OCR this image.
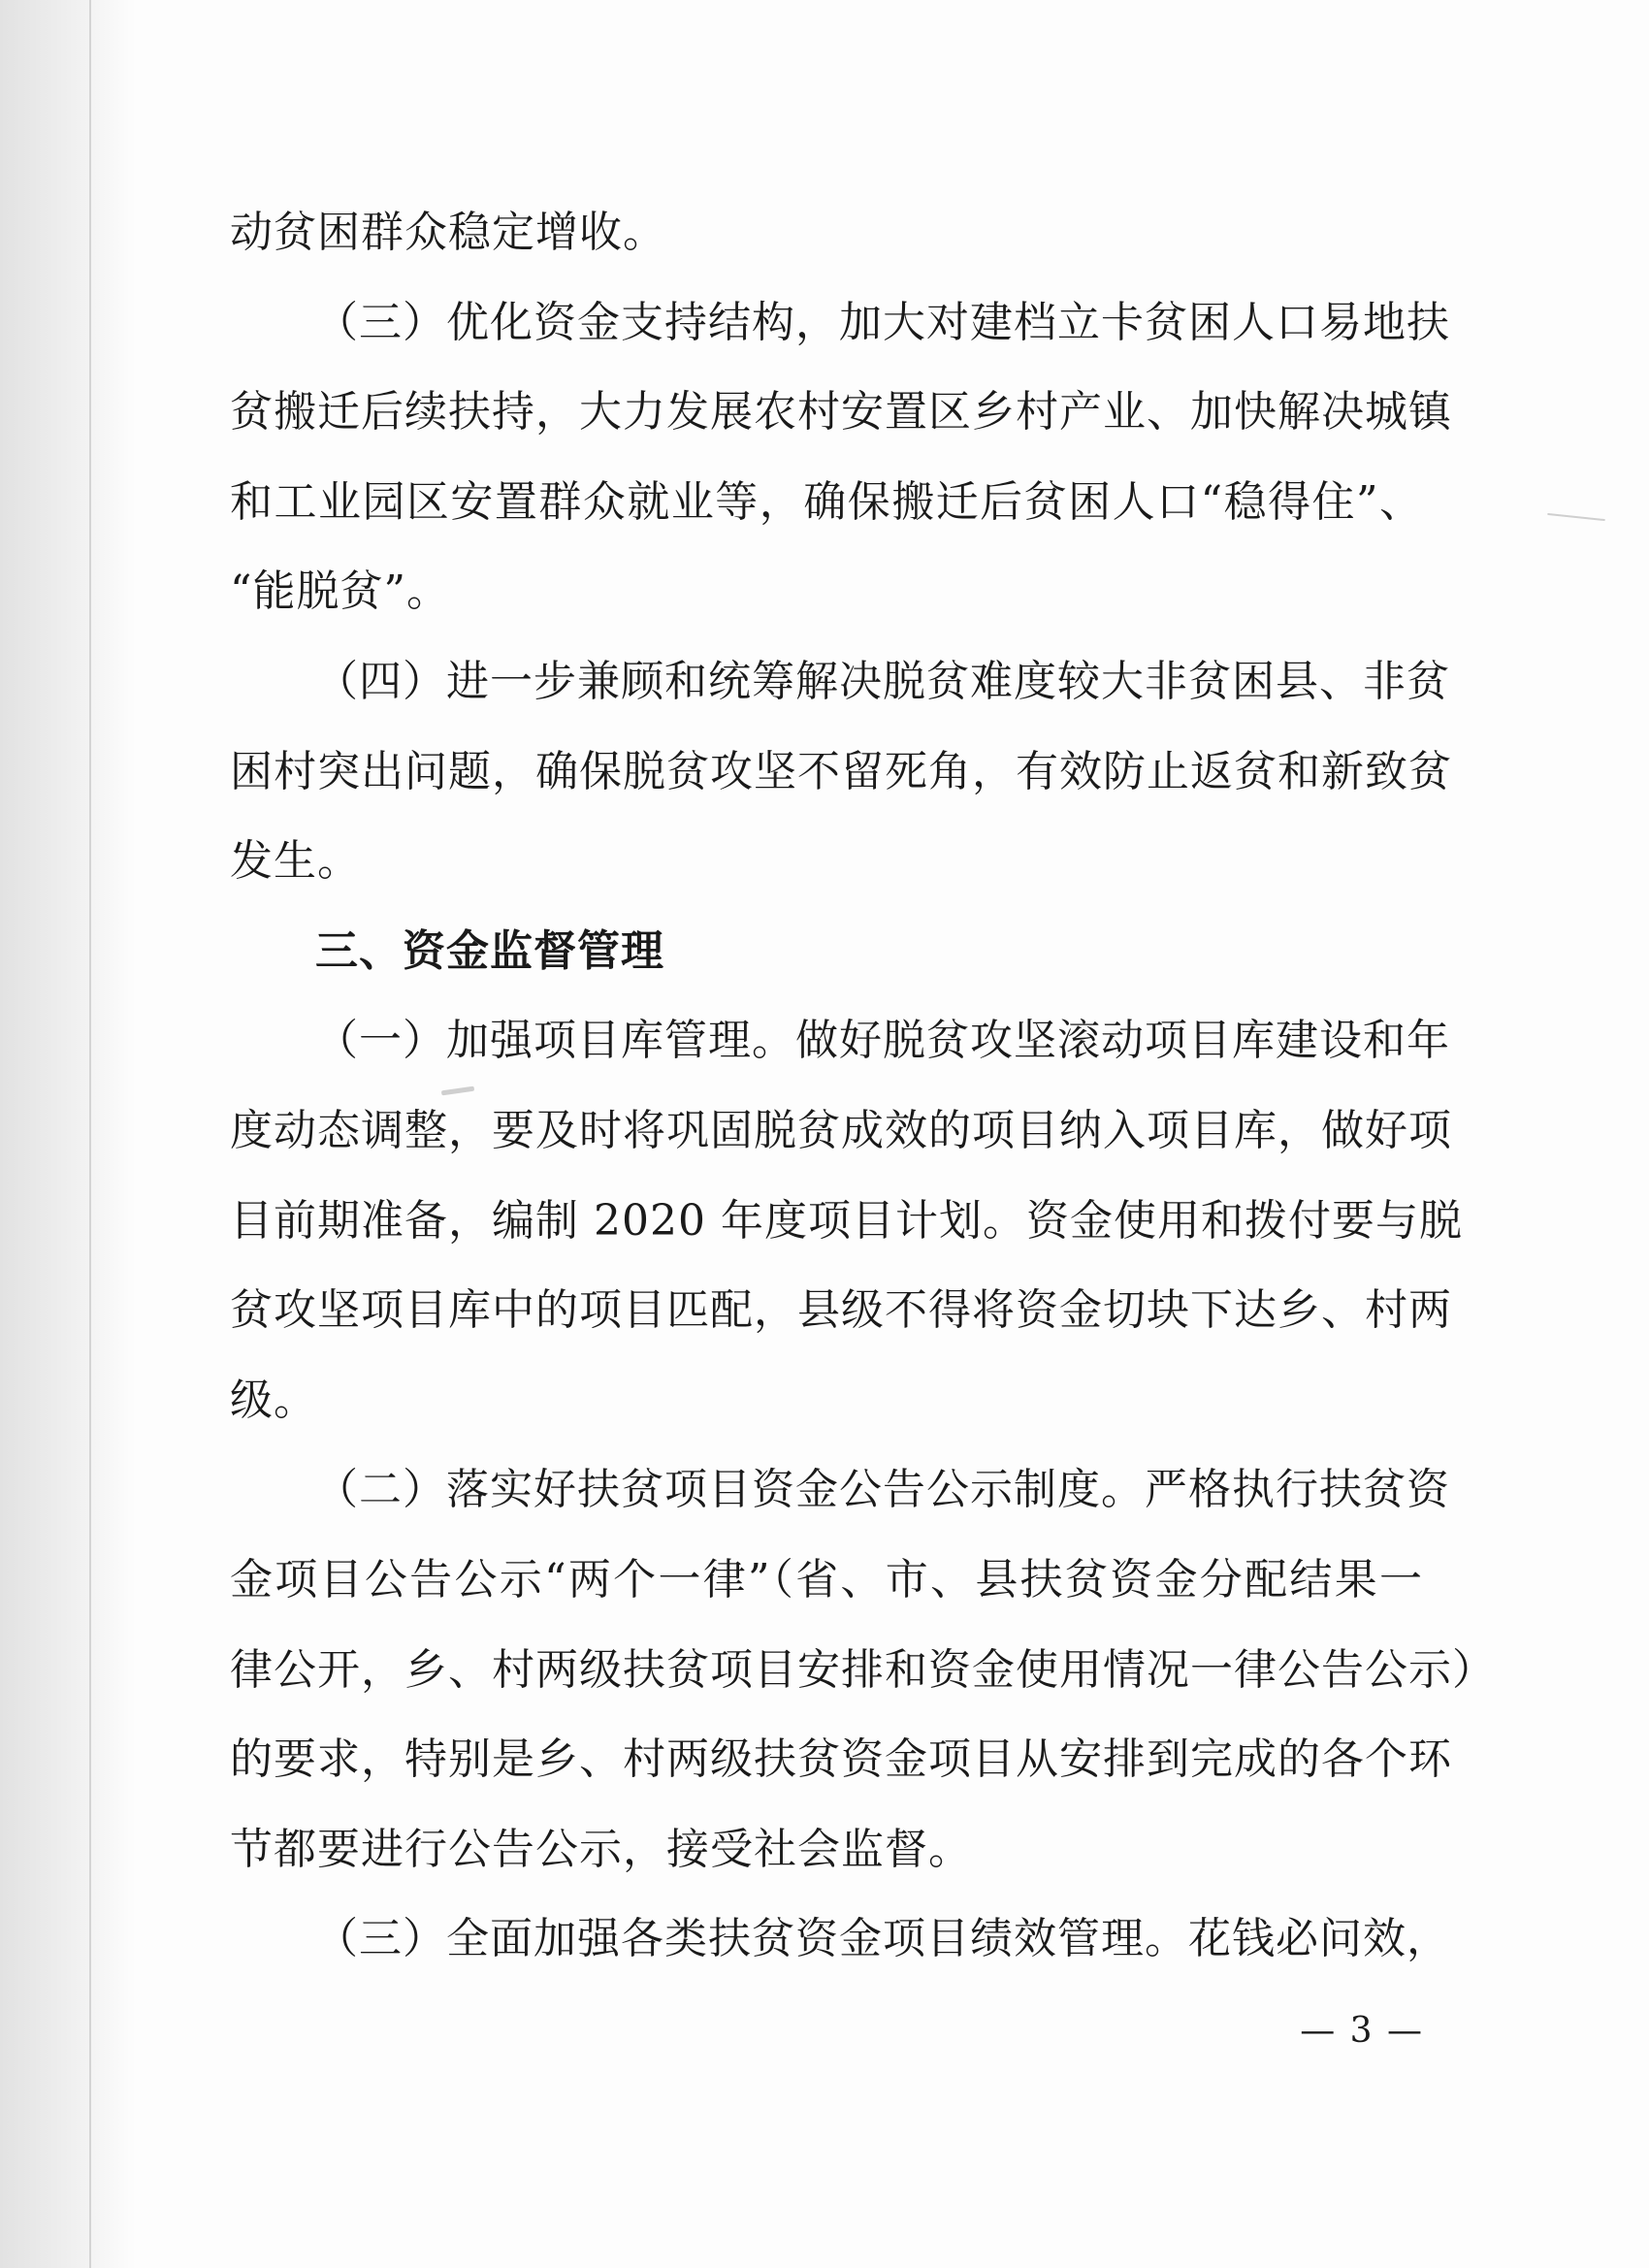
动贫困群众稳定增收。
（三）优化资金支持结构，加大对建档立卡贫困人口易地扶
贫搬迁后续扶持，大力发展农村安置区乡村产业、加快解决城镇
和工业园区安置群众就业等，确保搬迁后贫困人口“稳得住”、
“能脱贫”。
（四）进一步兼顾和统筹解决脱贫难度较大非贫困县、非贫
困村突出问题，确保脱贫攻坚不留死角，有效防止返贫和新致贫
发生。
三、资金监督管理
（一）加强项目库管理。做好脱贫攻坚滚动项目库建设和年
度动态调整，要及时将巩固脱贫成效的项目纳入项目库，做好项
目前期准备，编制 2020 年度项目计划。资金使用和拨付要与脱
贫攻坚项目库中的项目匹配，县级不得将资金切块下达乡、村两
级。
（二）落实好扶贫项目资金公告公示制度。严格执行扶贫资
金项目公告公示“两个一律”（省、市、县扶贫资金分配结果一
律公开，乡、村两级扶贫项目安排和资金使用情况一律公告公示）
的要求，特别是乡、村两级扶贫资金项目从安排到完成的各个环
节都要进行公告公示，接受社会监督。
（三）全面加强各类扶贫资金项目绩效管理。花钱必问效，
— 3 —
